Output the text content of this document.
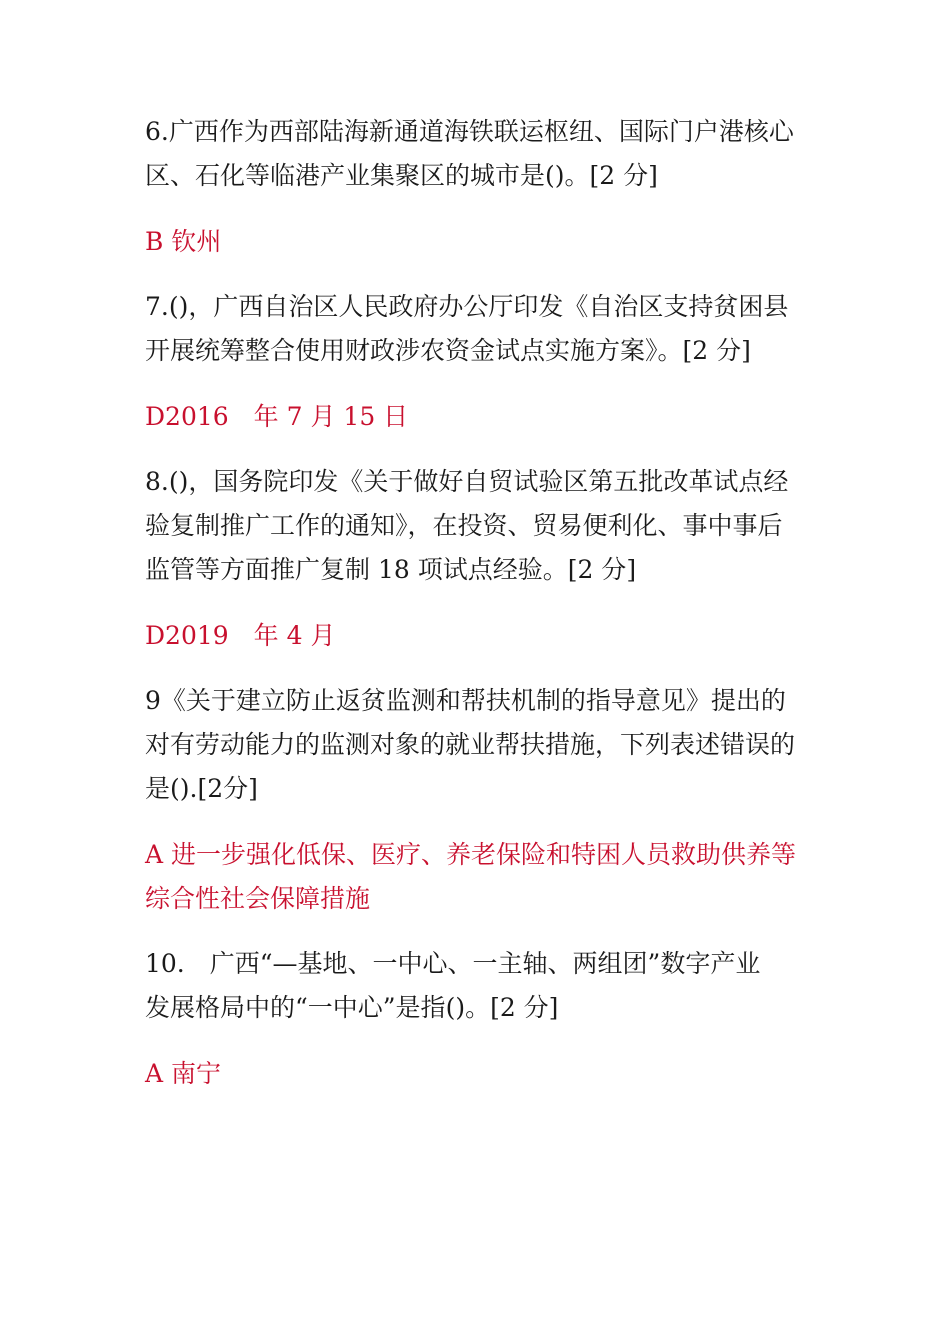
6.广西作为西部陆海新通道海铁联运枢纽、国际门户港核心
区、石化等临港产业集聚区的城市是()。[2 分]
B 钦州
7.()，广西自治区人民政府办公厅印发《自治区支持贫困县
开展统筹整合使用财政涉农资金试点实施方案》。[2 分]
D2016　年 7 月 15 日
8.()，国务院印发《关于做好自贸试验区第五批改革试点经
验复制推广工作的通知》，在投资、贸易便利化、事中事后
监管等方面推广复制 18 项试点经验。[2 分]
D2019　年 4 月
9《关于建立防止返贫监测和帮扶机制的指导意见》提出的
对有劳动能力的监测对象的就业帮扶措施，下列表述错误的
是().[2分]
A 进一步强化低保、医疗、养老保险和特困人员救助供养等
综合性社会保障措施
10.　广西“—基地、一中心、一主轴、两组团”数字产业
发展格局中的“一中心”是指()。[2 分]
A 南宁
